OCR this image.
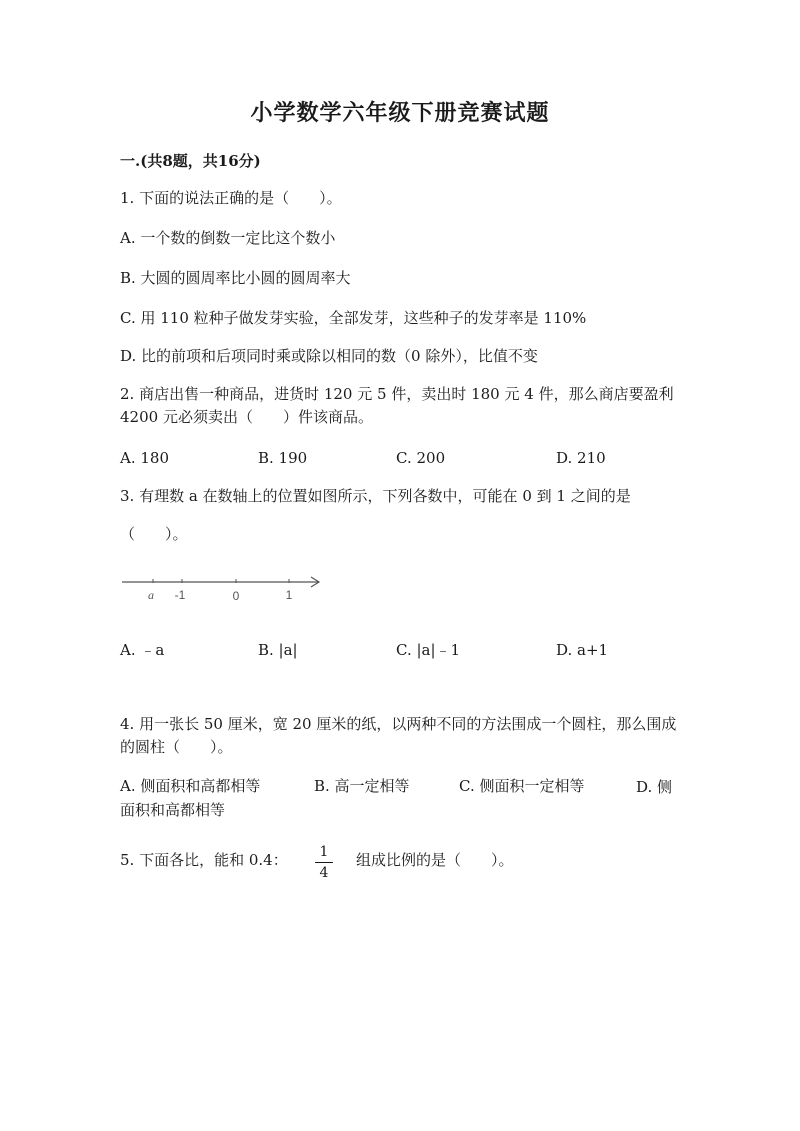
小学数学六年级下册竞赛试题
一.(共8题，共16分)
1. 下面的说法正确的是（　　）。
A. 一个数的倒数一定比这个数小
B. 大圆的圆周率比小圆的圆周率大
C. 用 110 粒种子做发芽实验，全部发芽，这些种子的发芽率是 110%
D. 比的前项和后项同时乘或除以相同的数（0 除外），比值不变
2. 商店出售一种商品，进货时 120 元 5 件，卖出时 180 元 4 件，那么商店要盈利 4200 元必须卖出（　　）件该商品。
A. 180	B. 190	C. 200	D. 210
3. 有理数 a 在数轴上的位置如图所示，下列各数中，可能在 0 到 1 之间的是
（　　）。
a -1	0	1
A. ﹣a	B. |a|	C. |a|﹣1	D. a+1
4. 用一张长 50 厘米，宽 20 厘米的纸，以两种不同的方法围成一个圆柱，那么围成的圆柱（　　）。
A. 侧面积和高都相等	B. 高一定相等	C. 侧面积一定相等	D. 侧面积和高都相等
5. 下面各比，能和 0.4：	1
4
组成比例的是（　　）。
